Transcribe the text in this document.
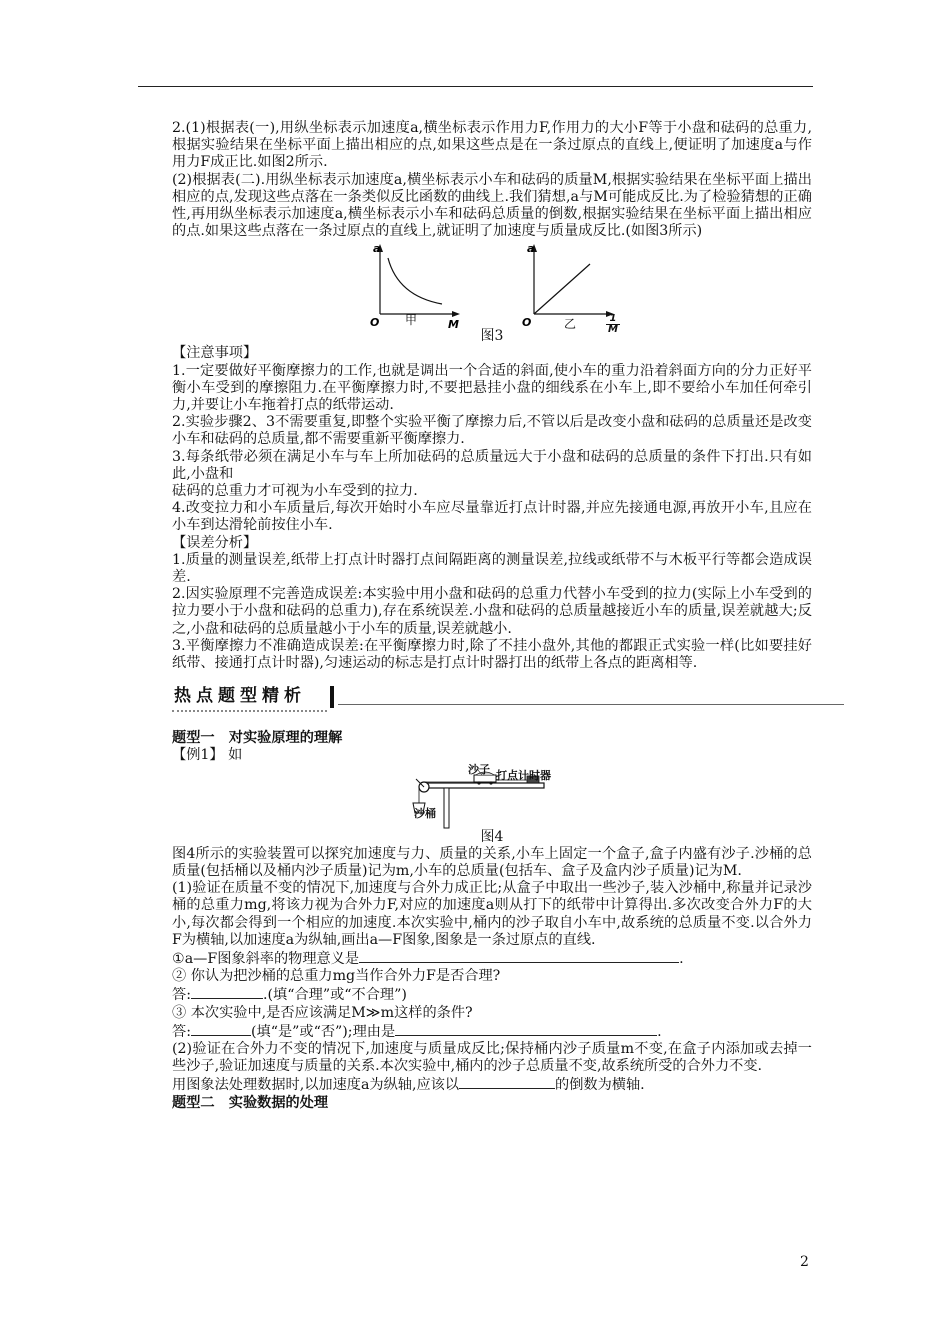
2.(1)根据表(一),用纵坐标表示加速度a,横坐标表示作用力F,作用力的大小F等于小盘和砝码的总重力,根据实验结果在坐标平面上描出相应的点,如果这些点是在一条过原点的直线上,便证明了加速度a与作用力F成正比.如图2所示.

(2)根据表(二).用纵坐标表示加速度a,横坐标表示小车和砝码的质量M,根据实验结果在坐标平面上描出相应的点,发现这些点落在一条类似反比函数的曲线上.我们猜想,a与M可能成反比.为了检验猜想的正确性,再用纵坐标表示加速度a,横坐标表示小车和砝码总质量的倒数,根据实验结果在坐标平面上描出相应的点.如果这些点落在一条过原点的直线上,就证明了加速度与质量成反比.(如图3所示)

a
M
O
a
O	1
M
甲	乙
图3

【注意事项】

1.一定要做好平衡摩擦力的工作,也就是调出一个合适的斜面,使小车的重力沿着斜面方向的分力正好平衡小车受到的摩擦阻力.在平衡摩擦力时,不要把悬挂小盘的细线系在小车上,即不要给小车加任何牵引力,并要让小车拖着打点的纸带运动.

2.实验步骤2、3不需要重复,即整个实验平衡了摩擦力后,不管以后是改变小盘和砝码的总质量还是改变小车和砝码的总质量,都不需要重新平衡摩擦力.

3.每条纸带必须在满足小车与车上所加砝码的总质量远大于小盘和砝码的总质量的条件下打出.只有如此,小盘和

砝码的总重力才可视为小车受到的拉力.

4.改变拉力和小车质量后,每次开始时小车应尽量靠近打点计时器,并应先接通电源,再放开小车,且应在小车到达滑轮前按住小车.

【误差分析】

1.质量的测量误差,纸带上打点计时器打点间隔距离的测量误差,拉线或纸带不与木板平行等都会造成误差.

2.因实验原理不完善造成误差:本实验中用小盘和砝码的总重力代替小车受到的拉力(实际上小车受到的拉力要小于小盘和砝码的总重力),存在系统误差.小盘和砝码的总质量越接近小车的质量,误差就越大;反之,小盘和砝码的总质量越小于小车的质量,误差就越小.

3.平衡摩擦力不准确造成误差:在平衡摩擦力时,除了不挂小盘外,其他的都跟正式实验一样(比如要挂好纸带、接通打点计时器),匀速运动的标志是打点计时器打出的纸带上各点的距离相等.

热点题型精析

题型一　对实验原理的理解

【例1】 如

沙子 打点计时器
沙桶
图4

图4所示的实验装置可以探究加速度与力、质量的关系,小车上固定一个盒子,盒子内盛有沙子.沙桶的总质量(包括桶以及桶内沙子质量)记为m,小车的总质量(包括车、盒子及盒内沙子质量)记为M.

(1)验证在质量不变的情况下,加速度与合外力成正比;从盒子中取出一些沙子,装入沙桶中,称量并记录沙桶的总重力mg,将该力视为合外力F,对应的加速度a则从打下的纸带中计算得出.多次改变合外力F的大小,每次都会得到一个相应的加速度.本次实验中,桶内的沙子取自小车中,故系统的总质量不变.以合外力F为横轴,以加速度a为纵轴,画出a—F图象,图象是一条过原点的直线.

①a—F图象斜率的物理意义是	.

② 你认为把沙桶的总重力mg当作合外力F是否合理?

答:	.(填“合理”或“不合理”)

③ 本次实验中,是否应该满足M≫m这样的条件?

答:	(填“是”或“否”);理由是	.

(2)验证在合外力不变的情况下,加速度与质量成反比;保持桶内沙子质量m不变,在盒子内添加或去掉一些沙子,验证加速度与质量的关系.本次实验中,桶内的沙子总质量不变,故系统所受的合外力不变.

用图象法处理数据时,以加速度a为纵轴,应该以	的倒数为横轴.

题型二　实验数据的处理

2
